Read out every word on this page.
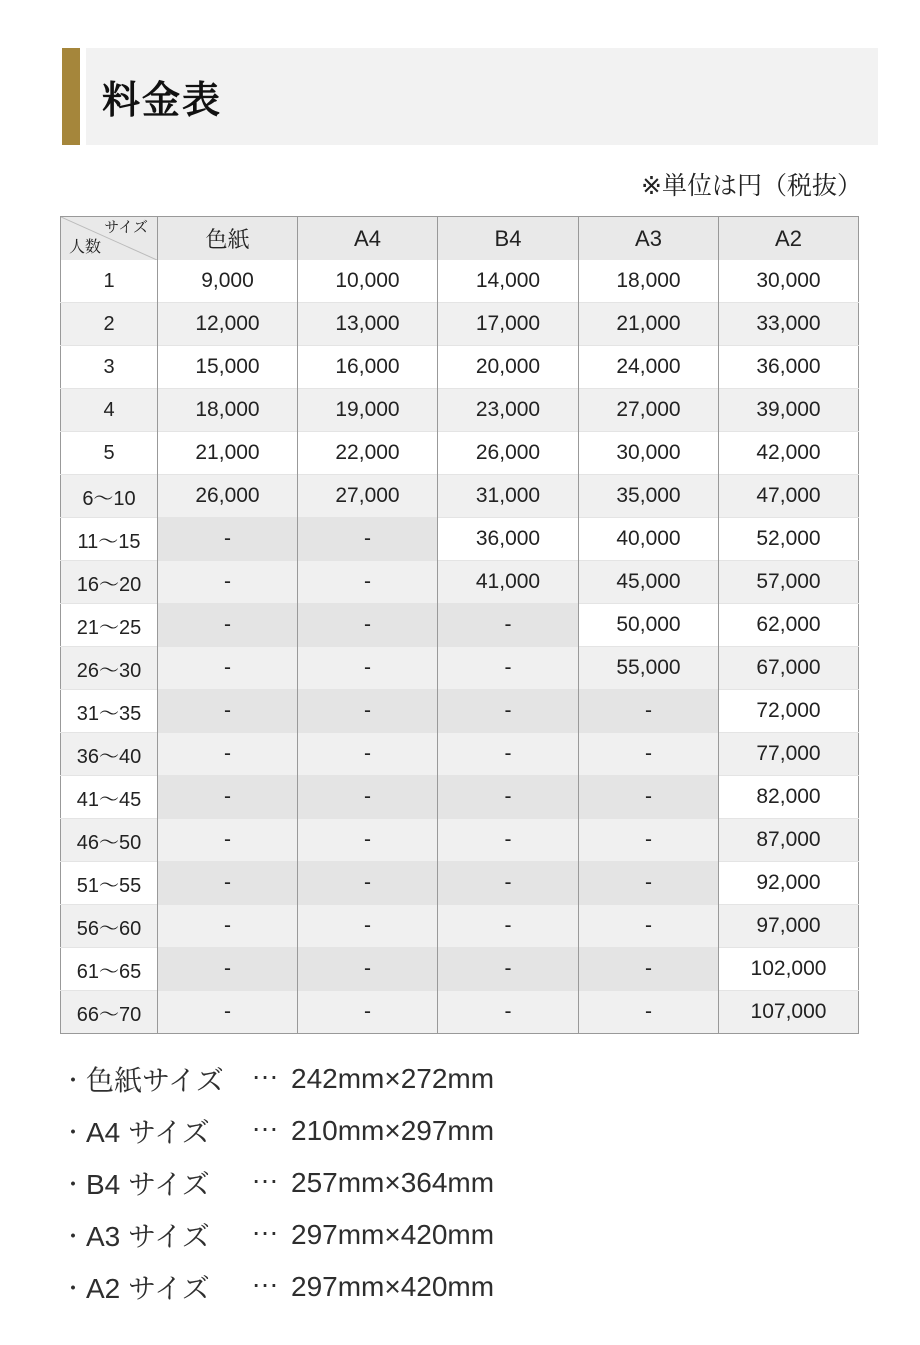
料金表
※単位は円（税抜）
サイズ
人数	色紙	A4	B4	A3	A2
1	9,000	10,000	14,000	18,000	30,000
2	12,000	13,000	17,000	21,000	33,000
3	15,000	16,000	20,000	24,000	36,000
4	18,000	19,000	23,000	27,000	39,000
5	21,000	22,000	26,000	30,000	42,000
6～10	26,000	27,000	31,000	35,000	47,000
11～15	-	-	36,000	40,000	52,000
16～20	-	-	41,000	45,000	57,000
21～25	-	-	-	50,000	62,000
26～30	-	-	-	55,000	67,000
31～35	-	-	-	-	72,000
36～40	-	-	-	-	77,000
41～45	-	-	-	-	82,000
46～50	-	-	-	-	87,000
51～55	-	-	-	-	92,000
56～60	-	-	-	-	97,000
61～65	-	-	-	-	102,000
66～70	-	-	-	-	107,000
・ 色紙サイズ … 242mm×272mm
・ A4 サイズ	… 210mm×297mm
・ B4 サイズ	… 257mm×364mm
・ A3 サイズ	… 297mm×420mm
・ A2 サイズ	… 297mm×420mm
